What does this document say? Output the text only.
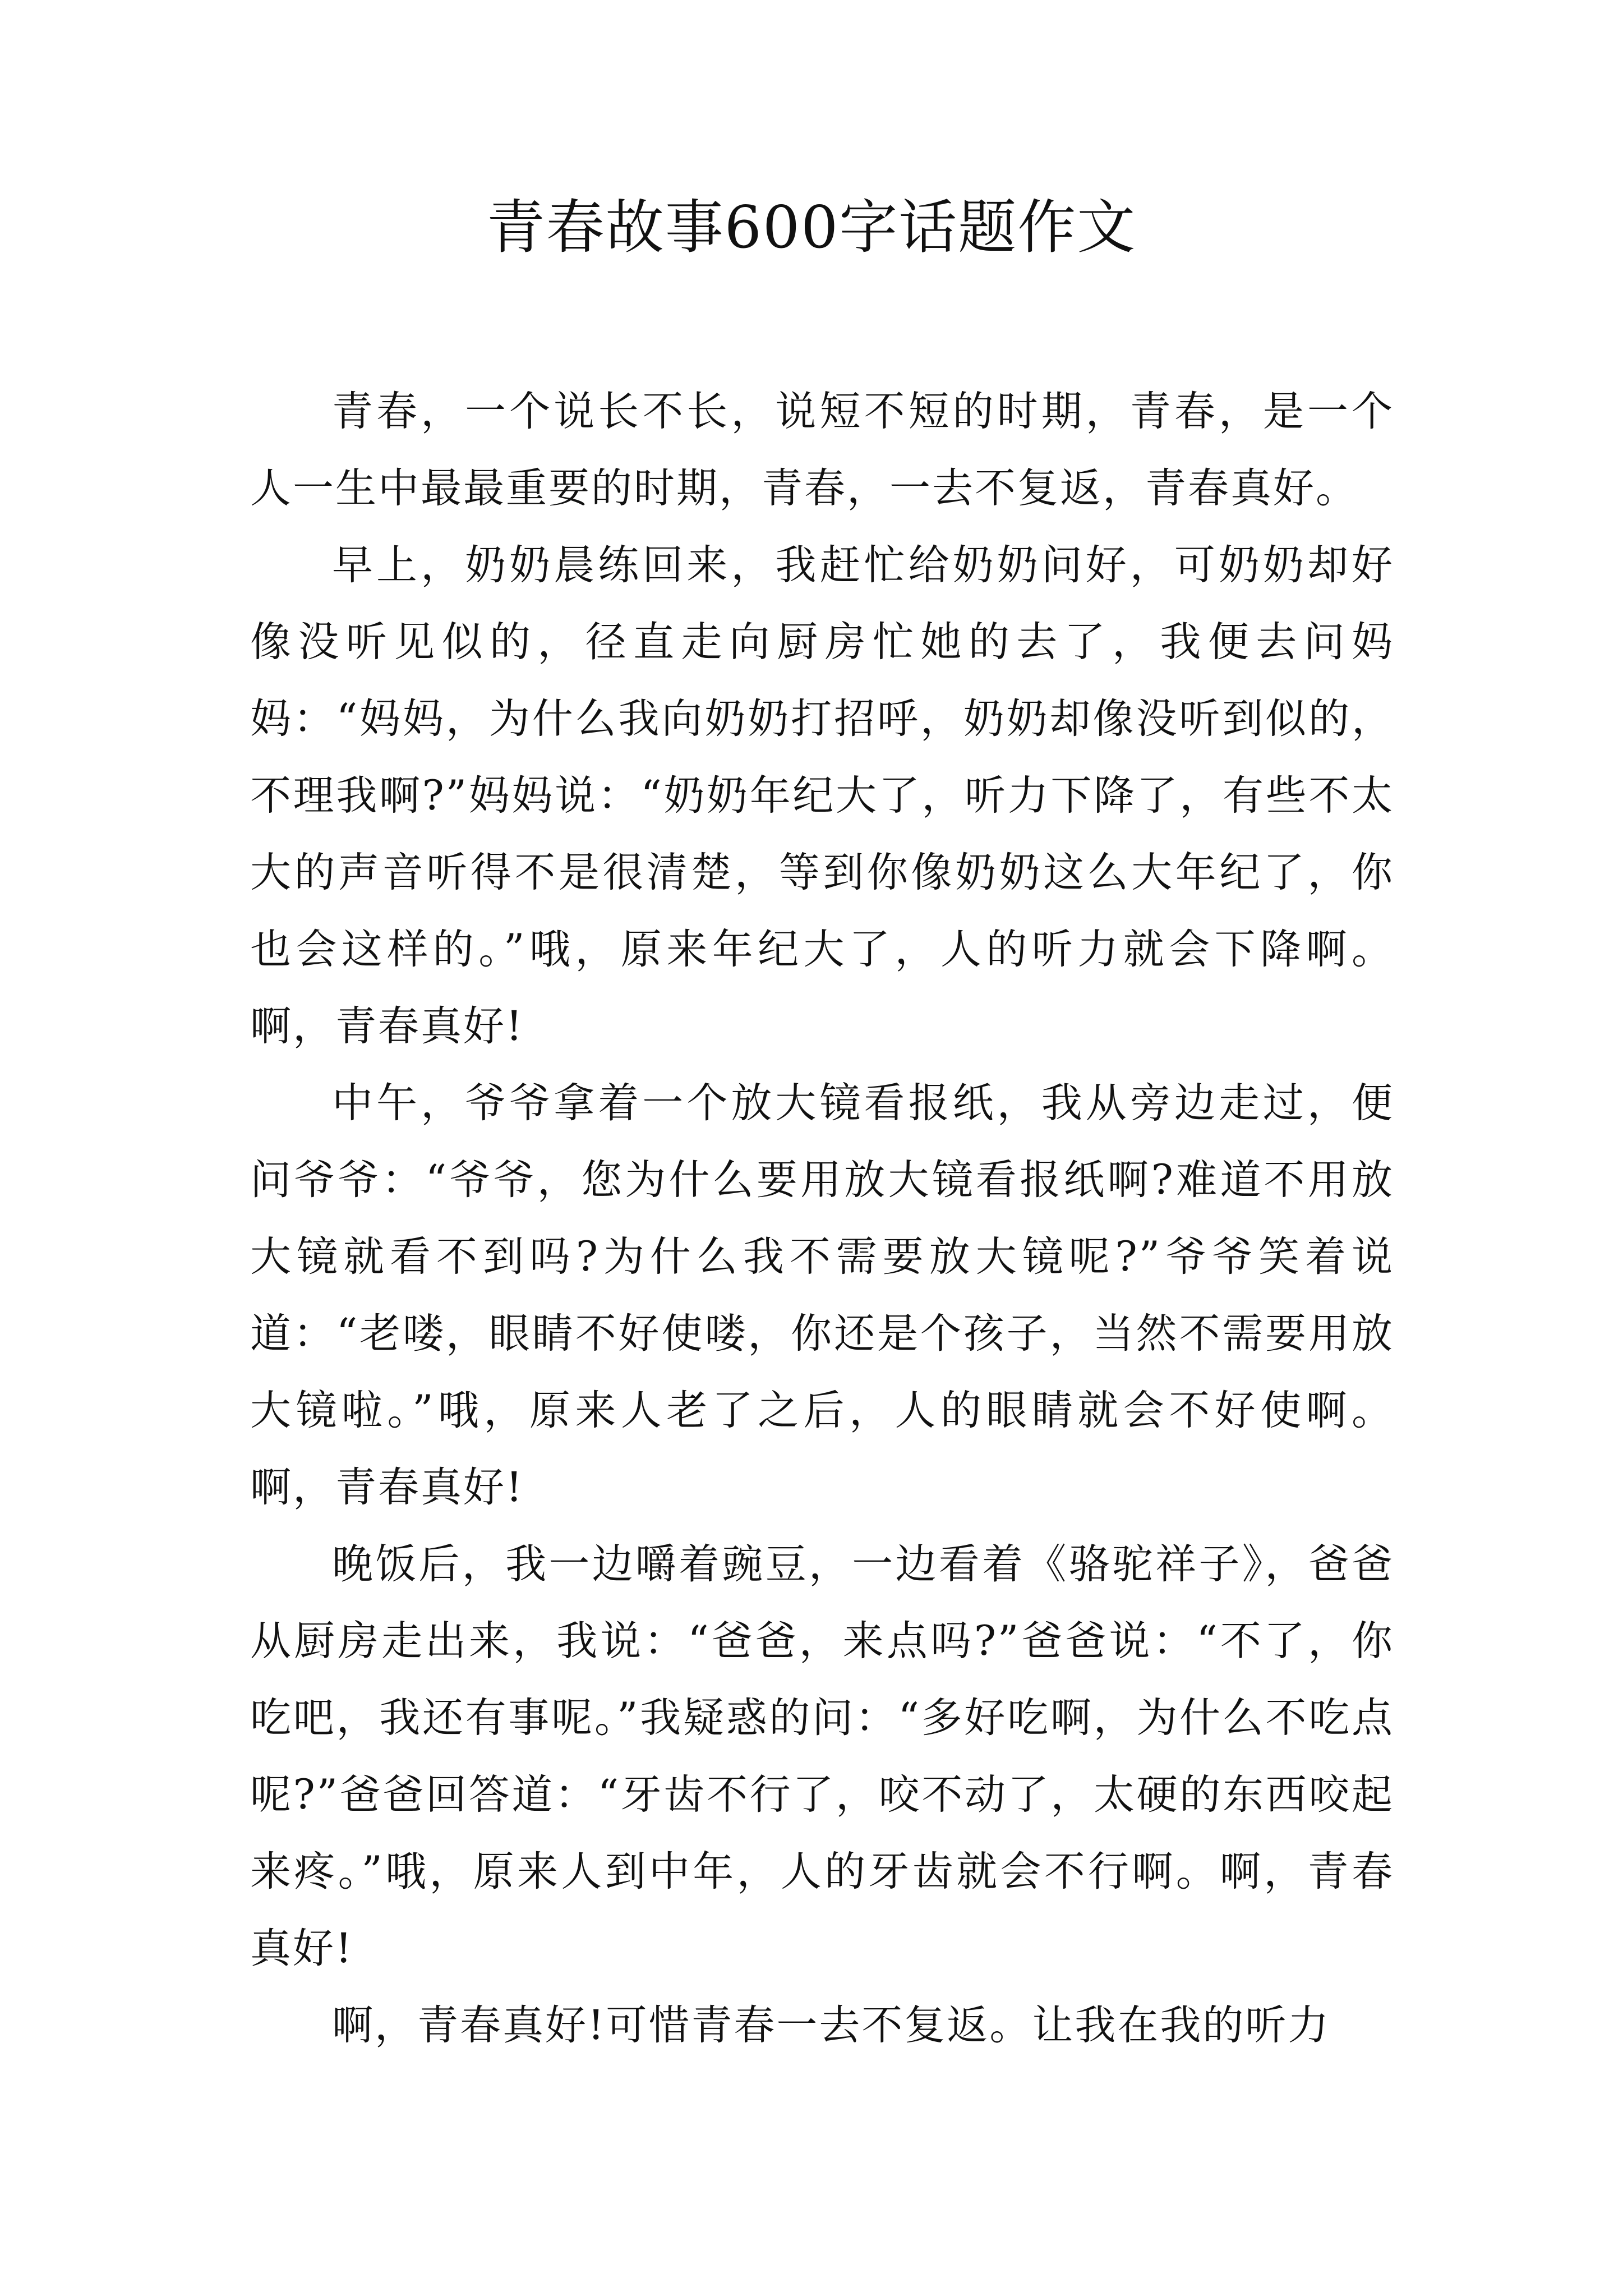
青春故事600字话题作文

青春，一个说长不长，说短不短的时期，青春，是一个人一生中最最重要的时期，青春，一去不复返，青春真好。

早上，奶奶晨练回来，我赶忙给奶奶问好，可奶奶却好像没听见似的，径直走向厨房忙她的去了，我便去问妈妈：“妈妈，为什么我向奶奶打招呼，奶奶却像没听到似的，不理我啊?”妈妈说：“奶奶年纪大了，听力下降了，有些不太大的声音听得不是很清楚，等到你像奶奶这么大年纪了，你也会这样的。”哦，原来年纪大了，人的听力就会下降啊。啊，青春真好!

中午，爷爷拿着一个放大镜看报纸，我从旁边走过，便问爷爷：“爷爷，您为什么要用放大镜看报纸啊?难道不用放大镜就看不到吗?为什么我不需要放大镜呢?”爷爷笑着说道：“老喽，眼睛不好使喽，你还是个孩子，当然不需要用放大镜啦。”哦，原来人老了之后，人的眼睛就会不好使啊。啊，青春真好!

晚饭后，我一边嚼着豌豆，一边看着《骆驼祥子》，爸爸从厨房走出来，我说：“爸爸，来点吗?”爸爸说：“不了，你吃吧，我还有事呢。”我疑惑的问：“多好吃啊，为什么不吃点呢?”爸爸回答道：“牙齿不行了，咬不动了，太硬的东西咬起来疼。”哦，原来人到中年，人的牙齿就会不行啊。啊，青春真好!

啊，青春真好!可惜青春一去不复返。让我在我的听力
